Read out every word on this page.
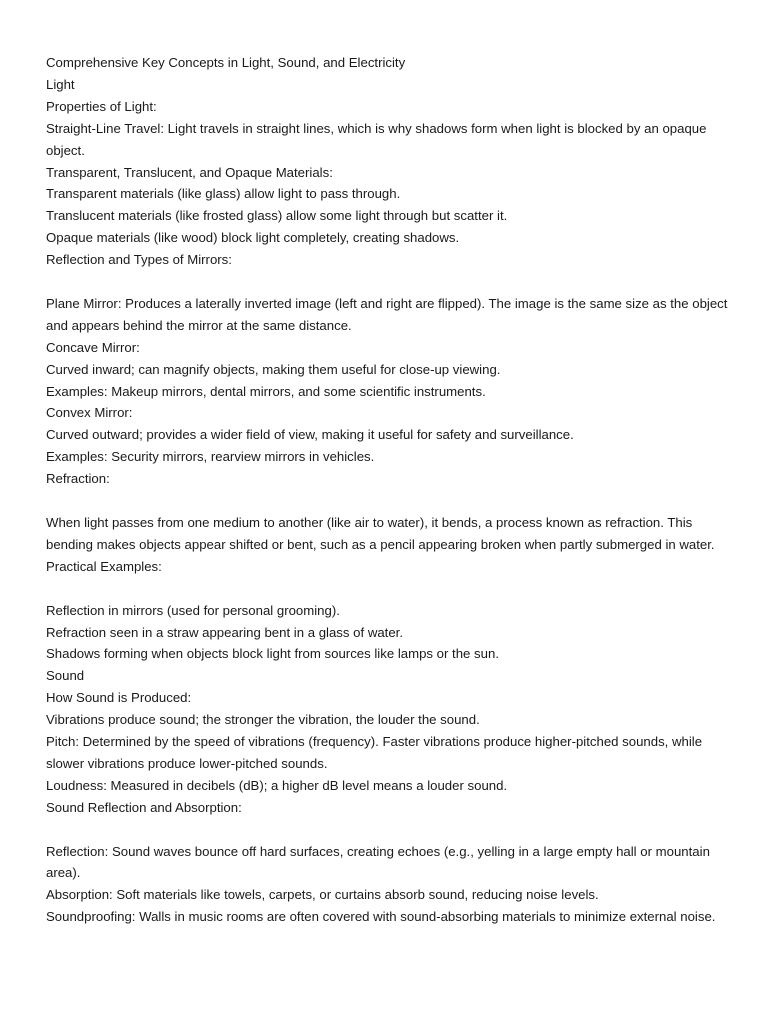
Comprehensive Key Concepts in Light, Sound, and Electricity
Light
Properties of Light:
Straight-Line Travel: Light travels in straight lines, which is why shadows form when light is blocked by an opaque object.
Transparent, Translucent, and Opaque Materials:
Transparent materials (like glass) allow light to pass through.
Translucent materials (like frosted glass) allow some light through but scatter it.
Opaque materials (like wood) block light completely, creating shadows.
Reflection and Types of Mirrors:
Plane Mirror: Produces a laterally inverted image (left and right are flipped). The image is the same size as the object and appears behind the mirror at the same distance.
Concave Mirror:
Curved inward; can magnify objects, making them useful for close-up viewing.
Examples: Makeup mirrors, dental mirrors, and some scientific instruments.
Convex Mirror:
Curved outward; provides a wider field of view, making it useful for safety and surveillance.
Examples: Security mirrors, rearview mirrors in vehicles.
Refraction:
When light passes from one medium to another (like air to water), it bends, a process known as refraction. This bending makes objects appear shifted or bent, such as a pencil appearing broken when partly submerged in water.
Practical Examples:
Reflection in mirrors (used for personal grooming).
Refraction seen in a straw appearing bent in a glass of water.
Shadows forming when objects block light from sources like lamps or the sun.
Sound
How Sound is Produced:
Vibrations produce sound; the stronger the vibration, the louder the sound.
Pitch: Determined by the speed of vibrations (frequency). Faster vibrations produce higher-pitched sounds, while slower vibrations produce lower-pitched sounds.
Loudness: Measured in decibels (dB); a higher dB level means a louder sound.
Sound Reflection and Absorption:
Reflection: Sound waves bounce off hard surfaces, creating echoes (e.g., yelling in a large empty hall or mountain area).
Absorption: Soft materials like towels, carpets, or curtains absorb sound, reducing noise levels.
Soundproofing: Walls in music rooms are often covered with sound-absorbing materials to minimize external noise.
